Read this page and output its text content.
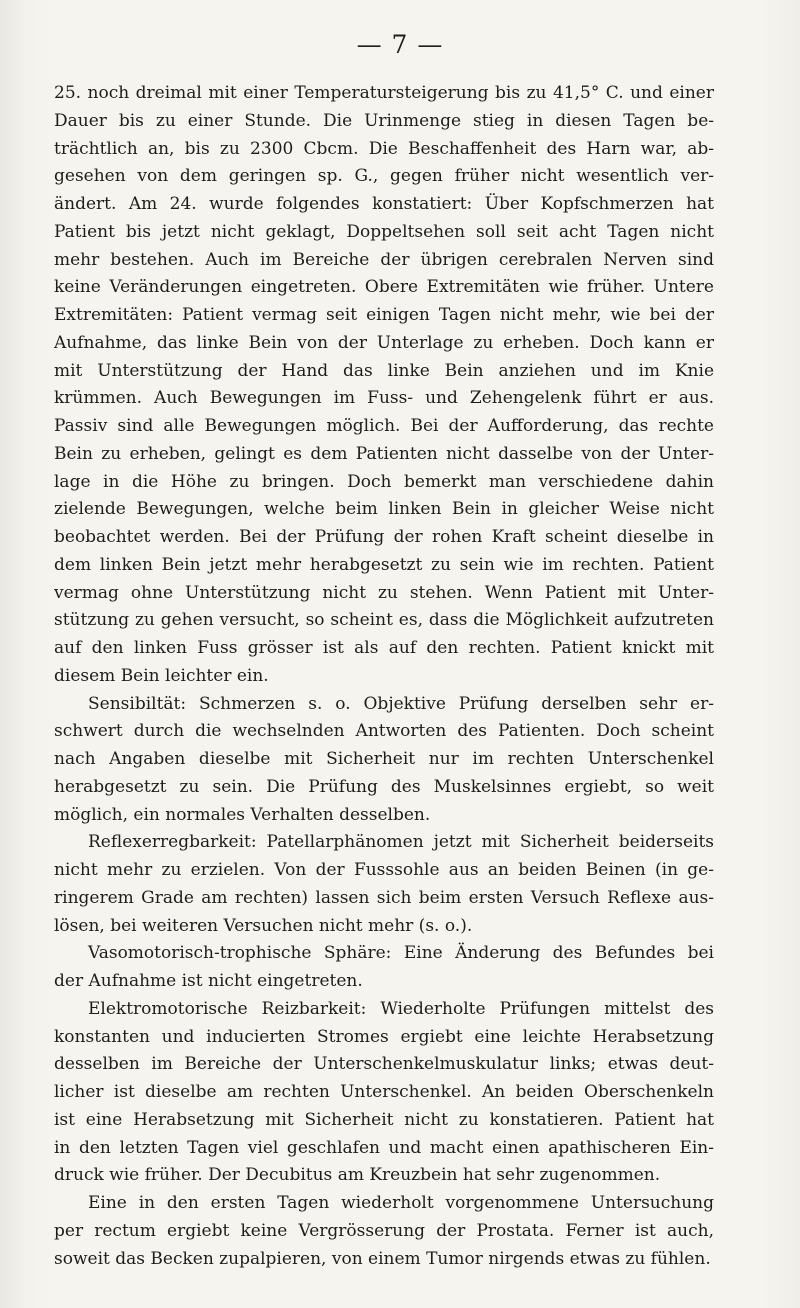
— 7 —
25. noch dreimal mit einer Temperatursteigerung bis zu 41,5° C. und einer
Dauer bis zu einer Stunde. Die Urinmenge stieg in diesen Tagen be-
trächtlich an, bis zu 2300 Cbcm. Die Beschaffenheit des Harn war, ab-
gesehen von dem geringen sp. G., gegen früher nicht wesentlich ver-
ändert. Am 24. wurde folgendes konstatiert: Über Kopfschmerzen hat
Patient bis jetzt nicht geklagt, Doppeltsehen soll seit acht Tagen nicht
mehr bestehen. Auch im Bereiche der übrigen cerebralen Nerven sind
keine Veränderungen eingetreten. Obere Extremitäten wie früher. Untere
Extremitäten: Patient vermag seit einigen Tagen nicht mehr, wie bei der
Aufnahme, das linke Bein von der Unterlage zu erheben. Doch kann er
mit Unterstützung der Hand das linke Bein anziehen und im Knie
krümmen. Auch Bewegungen im Fuss- und Zehengelenk führt er aus.
Passiv sind alle Bewegungen möglich. Bei der Aufforderung, das rechte
Bein zu erheben, gelingt es dem Patienten nicht dasselbe von der Unter-
lage in die Höhe zu bringen. Doch bemerkt man verschiedene dahin
zielende Bewegungen, welche beim linken Bein in gleicher Weise nicht
beobachtet werden. Bei der Prüfung der rohen Kraft scheint dieselbe in
dem linken Bein jetzt mehr herabgesetzt zu sein wie im rechten. Patient
vermag ohne Unterstützung nicht zu stehen. Wenn Patient mit Unter-
stützung zu gehen versucht, so scheint es, dass die Möglichkeit aufzutreten
auf den linken Fuss grösser ist als auf den rechten. Patient knickt mit
diesem Bein leichter ein.
Sensibiltät: Schmerzen s. o. Objektive Prüfung derselben sehr er-
schwert durch die wechselnden Antworten des Patienten. Doch scheint
nach Angaben dieselbe mit Sicherheit nur im rechten Unterschenkel
herabgesetzt zu sein. Die Prüfung des Muskelsinnes ergiebt, so weit
möglich, ein normales Verhalten desselben.
Reflexerregbarkeit: Patellarphänomen jetzt mit Sicherheit beiderseits
nicht mehr zu erzielen. Von der Fusssohle aus an beiden Beinen (in ge-
ringerem Grade am rechten) lassen sich beim ersten Versuch Reflexe aus-
lösen, bei weiteren Versuchen nicht mehr (s. o.).
Vasomotorisch-trophische Sphäre: Eine Änderung des Befundes bei
der Aufnahme ist nicht eingetreten.
Elektromotorische Reizbarkeit: Wiederholte Prüfungen mittelst des
konstanten und inducierten Stromes ergiebt eine leichte Herabsetzung
desselben im Bereiche der Unterschenkelmuskulatur links; etwas deut-
licher ist dieselbe am rechten Unterschenkel. An beiden Oberschenkeln
ist eine Herabsetzung mit Sicherheit nicht zu konstatieren. Patient hat
in den letzten Tagen viel geschlafen und macht einen apathischeren Ein-
druck wie früher. Der Decubitus am Kreuzbein hat sehr zugenommen.
Eine in den ersten Tagen wiederholt vorgenommene Untersuchung
per rectum ergiebt keine Vergrösserung der Prostata. Ferner ist auch,
soweit das Becken zupalpieren, von einem Tumor nirgends etwas zu fühlen.
